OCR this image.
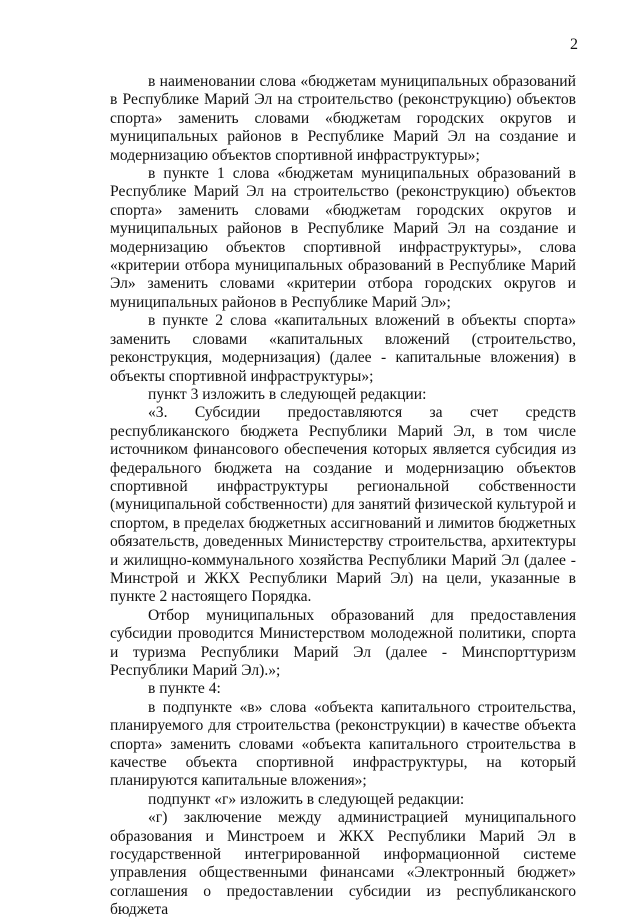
2

в наименовании слова «бюджетам муниципальных образований в Республике Марий Эл на строительство (реконструкцию) объектов спорта» заменить словами «бюджетам городских округов и муниципальных районов в Республике Марий Эл на создание и модернизацию объектов спортивной инфраструктуры»;

в пункте 1 слова «бюджетам муниципальных образований в Республике Марий Эл на строительство (реконструкцию) объектов спорта» заменить словами «бюджетам городских округов и муниципальных районов в Республике Марий Эл на создание и модернизацию объектов спортивной инфраструктуры», слова «критерии отбора муниципальных образований в Республике Марий Эл» заменить словами «критерии отбора городских округов и муниципальных районов в Республике Марий Эл»;

в пункте 2 слова «капитальных вложений в объекты спорта» заменить словами «капитальных вложений (строительство, реконструкция, модернизация) (далее - капитальные вложения) в объекты спортивной инфраструктуры»;

пункт 3 изложить в следующей редакции:

«3. Субсидии предоставляются за счет средств республиканского бюджета Республики Марий Эл, в том числе источником финансового обеспечения которых является субсидия из федерального бюджета на создание и модернизацию объектов спортивной инфраструктуры региональной собственности (муниципальной собственности) для занятий физической культурой и спортом, в пределах бюджетных ассигнований и лимитов бюджетных обязательств, доведенных Министерству строительства, архитектуры и жилищно-коммунального хозяйства Республики Марий Эл (далее - Минстрой и ЖКХ Республики Марий Эл) на цели, указанные в пункте 2 настоящего Порядка.

Отбор муниципальных образований для предоставления субсидии проводится Министерством молодежной политики, спорта и туризма Республики Марий Эл (далее - Минспорттуризм Республики Марий Эл).»;

в пункте 4:

в подпункте «в» слова «объекта капитального строительства, планируемого для строительства (реконструкции) в качестве объекта спорта» заменить словами «объекта капитального строительства в качестве объекта спортивной инфраструктуры, на который планируются капитальные вложения»;

подпункт «г» изложить в следующей редакции:

«г) заключение между администрацией муниципального образования и Минстроем и ЖКХ Республики Марий Эл в государственной интегрированной информационной системе управления общественными финансами «Электронный бюджет» соглашения о предоставлении субсидии из республиканского бюджета
